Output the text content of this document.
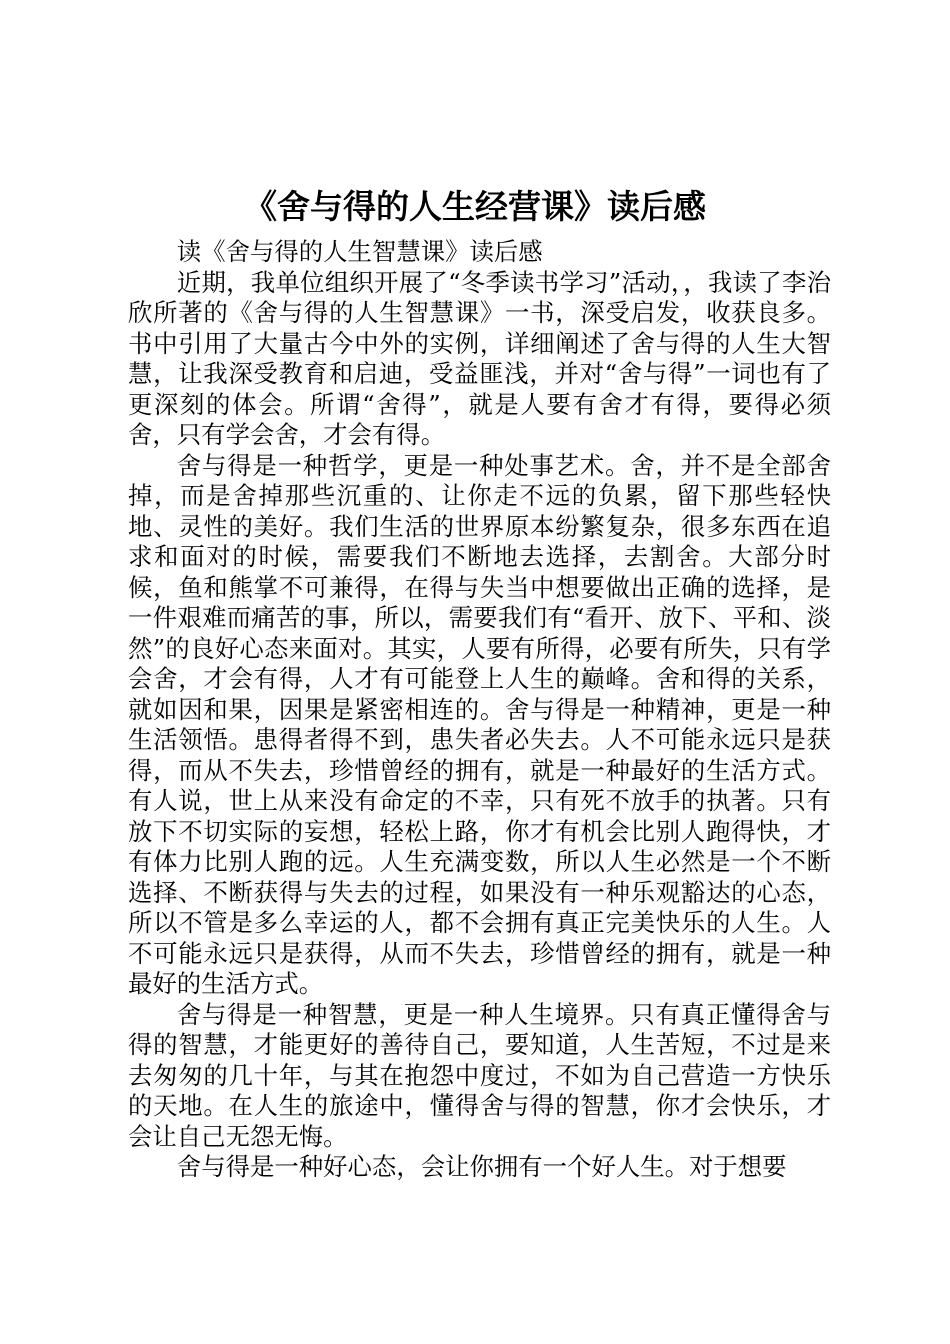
《舍与得的人生经营课》读后感

读《舍与得的人生智慧课》读后感

近期，我单位组织开展了“冬季读书学习”活动，，我读了李治欣所著的《舍与得的人生智慧课》一书，深受启发，收获良多。书中引用了大量古今中外的实例，详细阐述了舍与得的人生大智慧，让我深受教育和启迪，受益匪浅，并对“舍与得”一词也有了更深刻的体会。所谓“舍得”，就是人要有舍才有得，要得必须舍，只有学会舍，才会有得。

舍与得是一种哲学，更是一种处事艺术。舍，并不是全部舍掉，而是舍掉那些沉重的、让你走不远的负累，留下那些轻快地、灵性的美好。我们生活的世界原本纷繁复杂，很多东西在追求和面对的时候，需要我们不断地去选择，去割舍。大部分时候，鱼和熊掌不可兼得，在得与失当中想要做出正确的选择，是一件艰难而痛苦的事，所以，需要我们有“看开、放下、平和、淡然”的良好心态来面对。其实，人要有所得，必要有所失，只有学会舍，才会有得，人才有可能登上人生的巅峰。舍和得的关系，就如因和果，因果是紧密相连的。舍与得是一种精神，更是一种生活领悟。患得者得不到，患失者必失去。人不可能永远只是获得，而从不失去，珍惜曾经的拥有，就是一种最好的生活方式。有人说，世上从来没有命定的不幸，只有死不放手的执著。只有放下不切实际的妄想，轻松上路，你才有机会比别人跑得快，才有体力比别人跑的远。人生充满变数，所以人生必然是一个不断选择、不断获得与失去的过程，如果没有一种乐观豁达的心态，所以不管是多么幸运的人，都不会拥有真正完美快乐的人生。人不可能永远只是获得，从而不失去，珍惜曾经的拥有，就是一种最好的生活方式。

舍与得是一种智慧，更是一种人生境界。只有真正懂得舍与得的智慧，才能更好的善待自己，要知道，人生苦短，不过是来去匆匆的几十年，与其在抱怨中度过，不如为自己营造一方快乐的天地。在人生的旅途中，懂得舍与得的智慧，你才会快乐，才会让自己无怨无悔。

舍与得是一种好心态，会让你拥有一个好人生。对于想要
